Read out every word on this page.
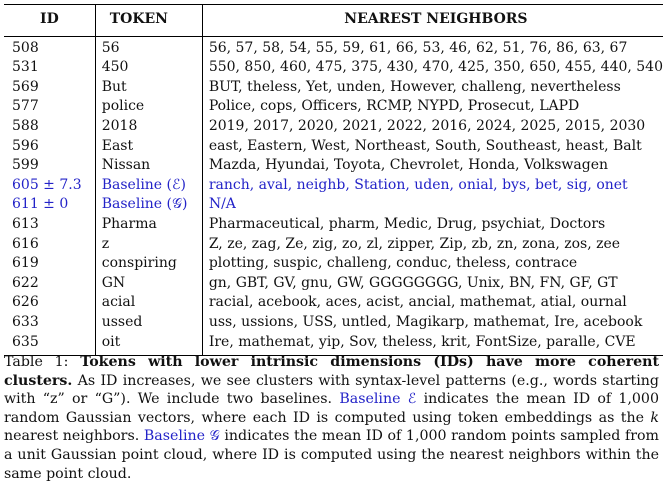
ID	TOKEN	NEAREST NEIGHBORS
508	56	56, 57, 58, 54, 55, 59, 61, 66, 53, 46, 62, 51, 76, 86, 63, 67
531	450	550, 850, 460, 475, 375, 430, 470, 425, 350, 650, 455, 440, 540
569	But	BUT, theless, Yet, unden, However, challeng, nevertheless
577	police	Police, cops, Officers, RCMP, NYPD, Prosecut, LAPD
588	2018	2019, 2017, 2020, 2021, 2022, 2016, 2024, 2025, 2015, 2030
596	East	east, Eastern, West, Northeast, South, Southeast, heast, Balt
599	Nissan	Mazda, Hyundai, Toyota, Chevrolet, Honda, Volkswagen
605 ± 7.3	Baseline (ℰ)	ranch, aval, neighb, Station, uden, onial, bys, bet, sig, onet
611 ± 0	Baseline (𝒢)	N/A
613	Pharma	Pharmaceutical, pharm, Medic, Drug, psychiat, Doctors
616	z	Z, ze, zag, Ze, zig, zo, zl, zipper, Zip, zb, zn, zona, zos, zee
619	conspiring	plotting, suspic, challeng, conduc, theless, contrace
622	GN	gn, GBT, GV, gnu, GW, GGGGGGGG, Unix, BN, FN, GF, GT
626	acial	racial, acebook, aces, acist, ancial, mathemat, atial, ournal
633	ussed	uss, ussions, USS, untled, Magikarp, mathemat, Ire, acebook
635	oit	Ire, mathemat, yip, Sov, theless, krit, FontSize, paralle, CVE
Table 1: Tokens with lower intrinsic dimensions (IDs) have more coherent clusters. As ID increases, we see clusters with syntax-level patterns (e.g., words starting with “z” or “G”). We include two baselines. Baseline ℰ indicates the mean ID of 1,000 random Gaussian vectors, where each ID is computed using token embeddings as the k nearest neighbors. Baseline 𝒢 indicates the mean ID of 1,000 random points sampled from a unit Gaussian point cloud, where ID is computed using the nearest neighbors within the same point cloud.
